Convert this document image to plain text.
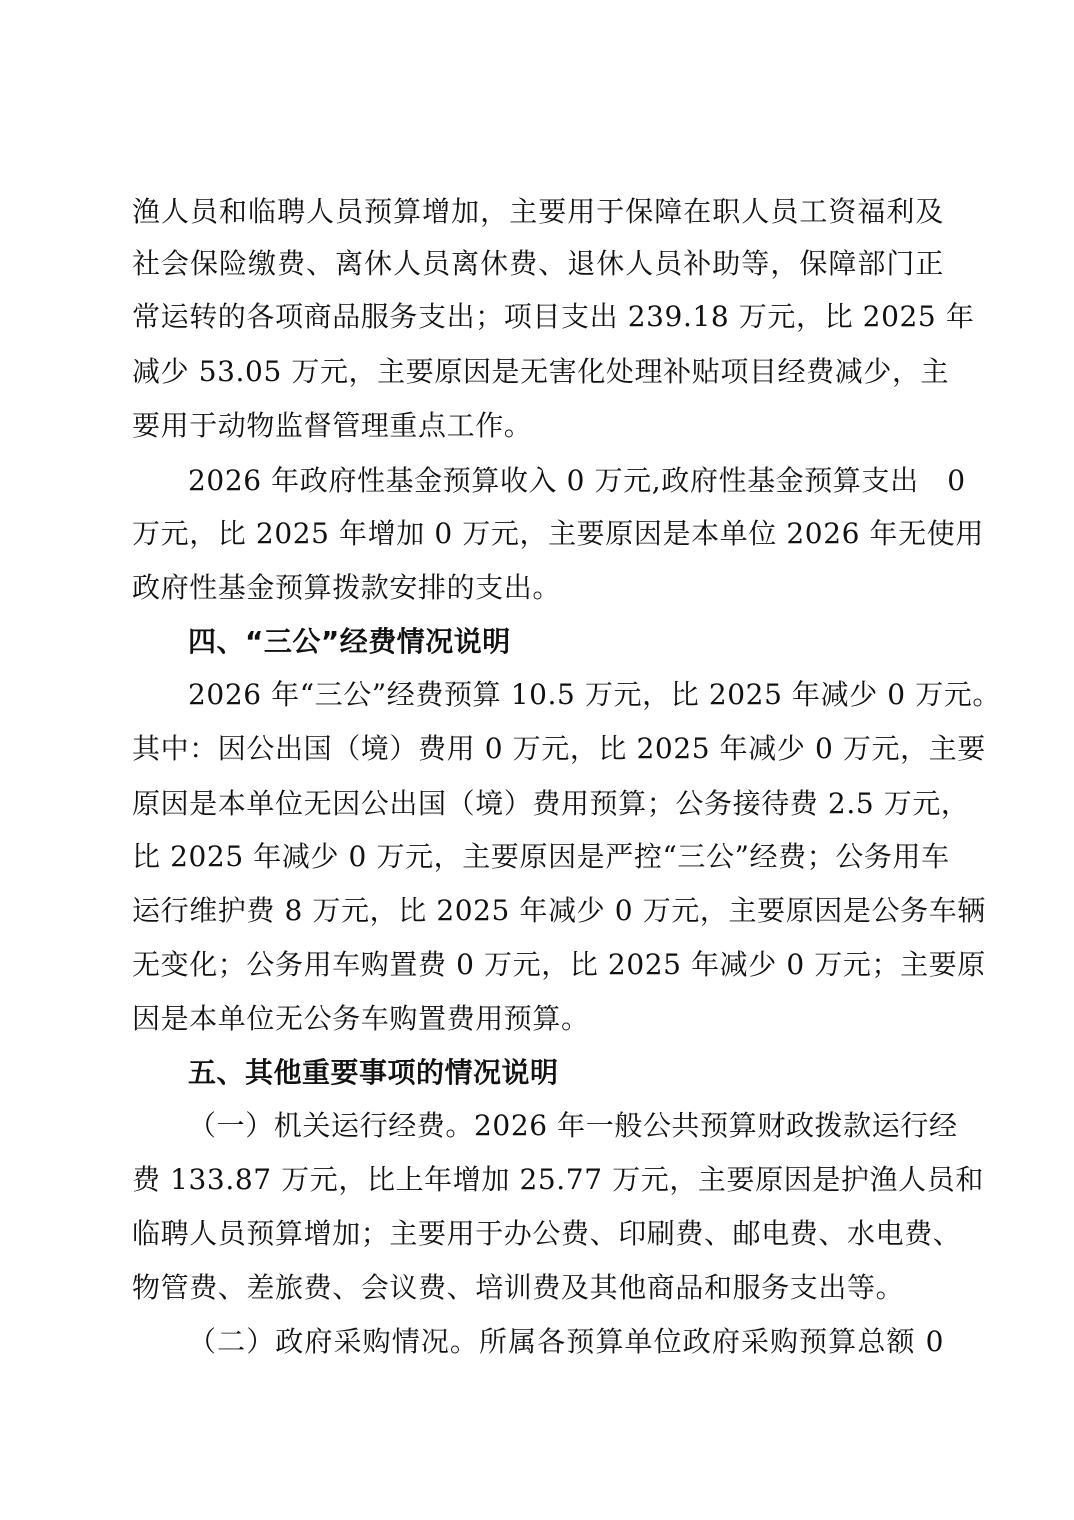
渔人员和临聘人员预算增加，主要用于保障在职人员工资福利及
社会保险缴费、离休人员离休费、退休人员补助等，保障部门正
常运转的各项商品服务支出；项目支出 239.18 万元，比 2025 年
减少 53.05 万元，主要原因是无害化处理补贴项目经费减少，主
要用于动物监督管理重点工作。
2026 年政府性基金预算收入 0 万元,政府性基金预算支出　0
万元，比 2025 年增加 0 万元，主要原因是本单位 2026 年无使用
政府性基金预算拨款安排的支出。
四、“三公”经费情况说明
2026 年“三公”经费预算 10.5 万元，比 2025 年减少 0 万元。
其中：因公出国（境）费用 0 万元，比 2025 年减少 0 万元，主要
原因是本单位无因公出国（境）费用预算；公务接待费 2.5 万元，
比 2025 年减少 0 万元，主要原因是严控“三公”经费；公务用车
运行维护费 8 万元，比 2025 年减少 0 万元，主要原因是公务车辆
无变化；公务用车购置费 0 万元，比 2025 年减少 0 万元；主要原
因是本单位无公务车购置费用预算。
五、其他重要事项的情况说明
（一）机关运行经费。2026 年一般公共预算财政拨款运行经
费 133.87 万元，比上年增加 25.77 万元，主要原因是护渔人员和
临聘人员预算增加；主要用于办公费、印刷费、邮电费、水电费、
物管费、差旅费、会议费、培训费及其他商品和服务支出等。
（二）政府采购情况。所属各预算单位政府采购预算总额 0
